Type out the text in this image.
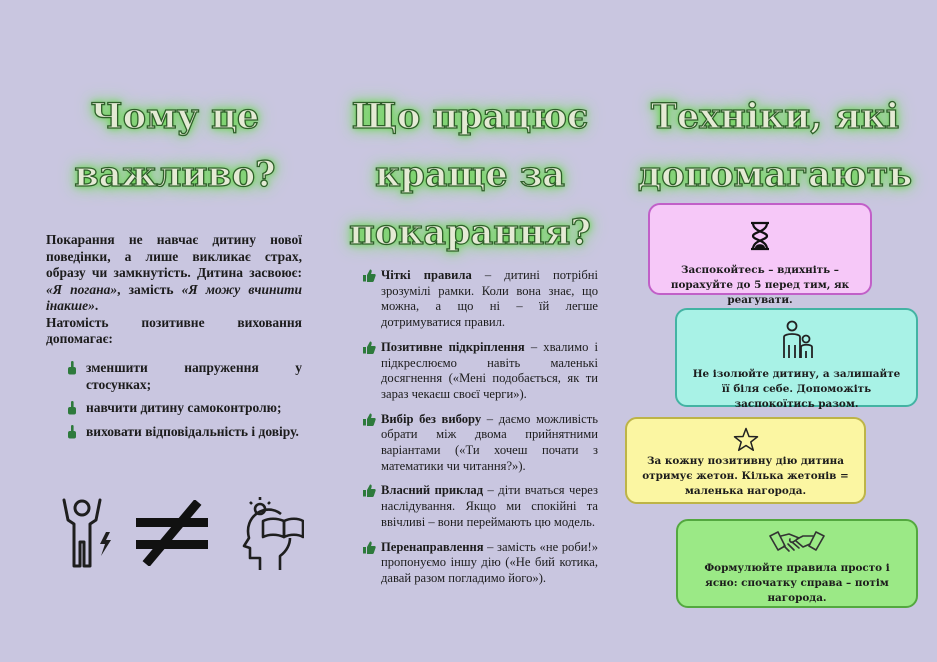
Чому це важливо?

Покарання не навчає дитину нової поведінки, а лише викликає страх, образу чи замкнутість. Дитина засвоює: «Я погана», замість «Я можу вчинити інакше».
Натомість позитивне виховання допомагає:

зменшити напруження у стосунках;
навчити дитину самоконтролю;
виховати відповідальність і довіру.
Що працює краще за покарання?
Чіткі правила – дитині потрібні зрозумілі рамки. Коли вона знає, що можна, а що ні – їй легше дотримуватися правил.
Позитивне підкріплення – хвалимо і підкреслюємо навіть маленькі досягнення («Мені подобається, як ти зараз чекаєш своєї черги»).
Вибір без вибору – даємо можливість обрати між двома прийнятними варіантами («Ти хочеш почати з математики чи читання?»).
Власний приклад – діти вчаться через наслідування. Якщо ми спокійні та ввічливі – вони переймають цю модель.
Перенаправлення – замість «не роби!» пропонуємо іншу дію («Не бий котика, давай разом погладимо його»).
Техніки, які допомагають
Заспокойтесь – вдихніть – порахуйте до 5 перед тим, як реагувати.
Не ізолюйте дитину, а залишайте її біля себе. Допоможіть заспокоїтись разом.
За кожну позитивну дію дитина отримує жетон. Кілька жетонів = маленька нагорода.
Формулюйте правила просто і ясно: спочатку справа – потім нагорода.
